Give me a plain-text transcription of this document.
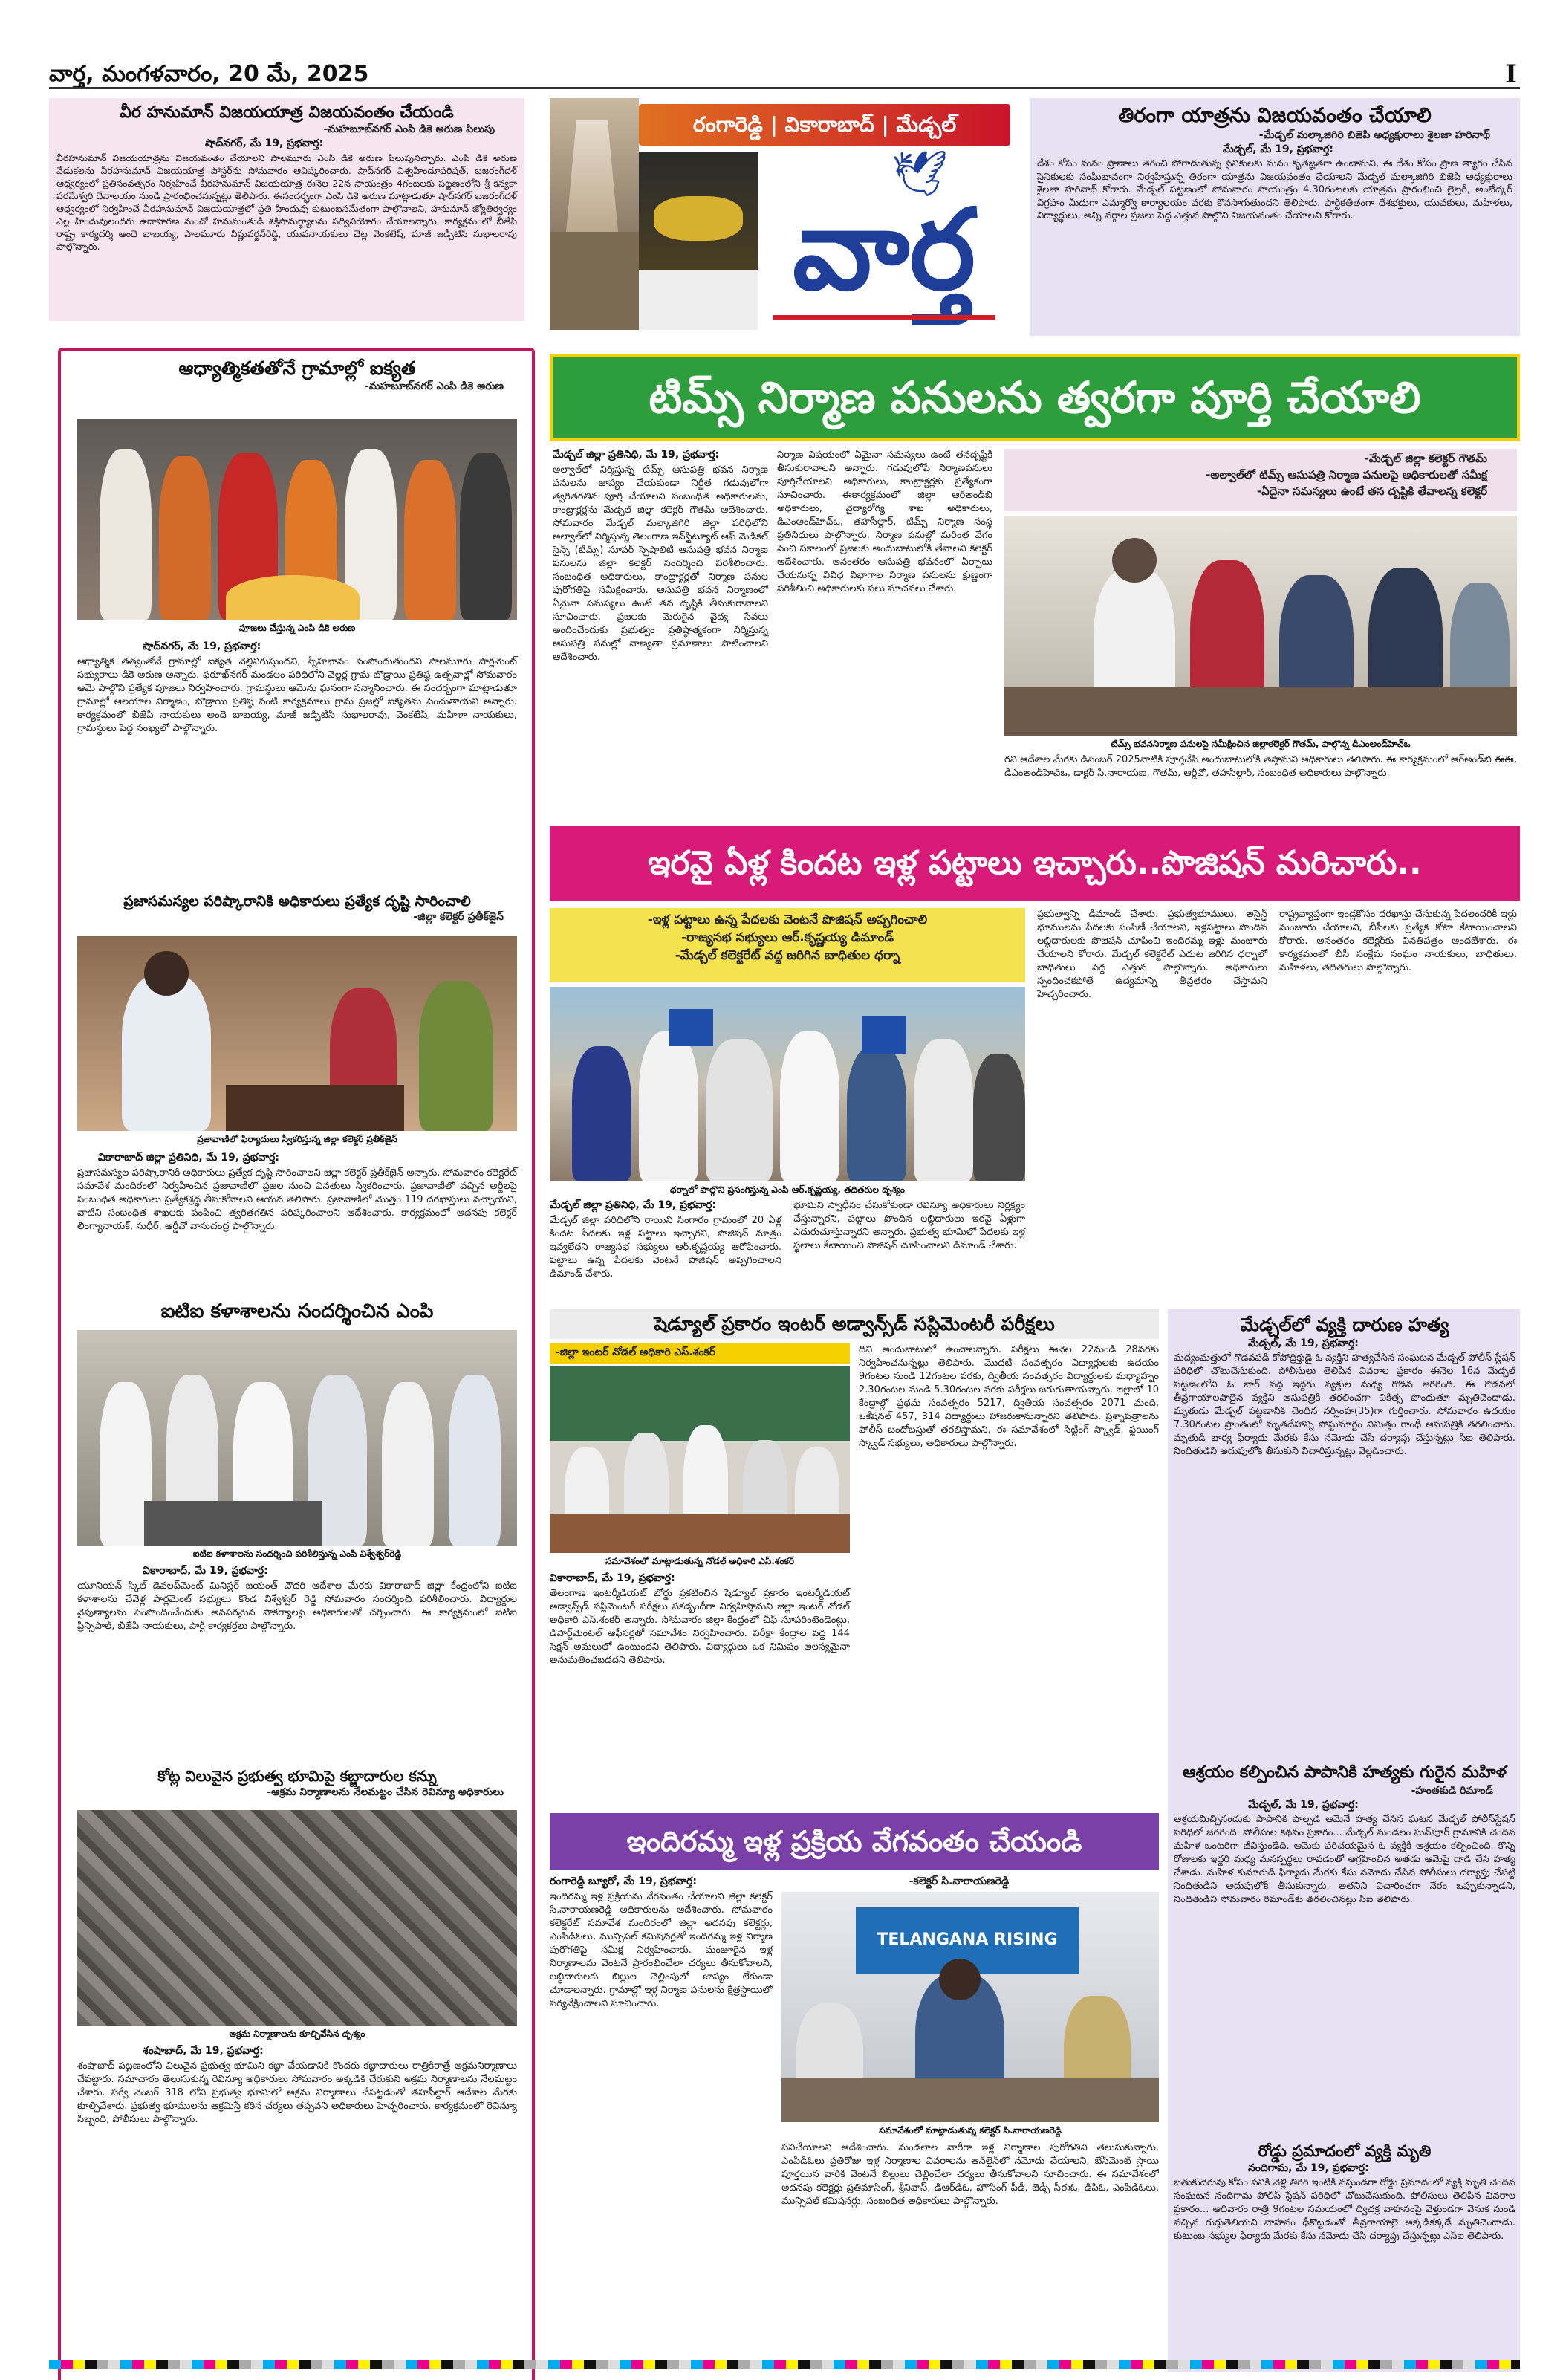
వార్త, మంగళవారం, 20 మే, 2025	I
వీర హనుమాన్ విజయయాత్ర విజయవంతం చేయండి
-మహబూబ్‌నగర్ ఎంపి డికె అరుణ పిలుపు
షాద్‌నగర్, మే 19, ప్రభవార్త:
వీరహనుమాన్ విజయయాత్రను విజయవంతం చేయాలని పాలమూరు ఎంపి డికె అరుణ పిలుపునిచ్చారు. ఎంపి డికె అరుణ వేడుకలను వీరహనుమాన్ విజయయాత్ర పోస్టర్‌ను సోమవారం ఆవిష్కరించారు. షాద్‌నగర్ విశ్వహిందూపరిషత్, బజరంగ్‌దళ్ ఆధ్వర్యంలో ప్రతిసంవత్సరం నిర్వహించే వీరహనుమాన్ విజయయాత్ర ఈనెల 22న సాయంత్రం 4గంటలకు పట్టణంలోని శ్రీ కన్యకా పరమేశ్వరి దేవాలయం నుండి ప్రారంభించనున్నట్లు తెలిపారు. ఈసందర్భంగా ఎంపి డికె అరుణ మాట్లాడుతూ షాద్‌నగర్ బజరంగ్‌దళ్ ఆధ్వర్యంలో నిర్వహించే వీరహనుమాన్ విజయయాత్రలో ప్రతి హిందువు కుటుంబసమేతంగా పాల్గొనాలని, హనుమాన్ జ్యోతిర్వర్యం ఎల్ల హిందువులందరు ఉదాహరణ నుంచో హనుమంతుడి శక్తిసామర్థ్యాలను సద్వినియోగం చేయాలన్నారు. కార్యక్రమంలో బీజేపి రాష్ట్ర కార్యదర్శి ఆందె బాబయ్య, పాలమూరు విష్ణువర్ధన్‌రెడ్డి, యువనాయకులు చెట్ల వెంకటేష్, మాజీ జడ్పీటిసి సుభాలరావు పాల్గొన్నారు.
రంగారెడ్డి | వికారాబాద్ | మేడ్చల్
🕊
వార్త
తిరంగా యాత్రను విజయవంతం చేయాలి
-మేడ్చల్ మల్కాజిగిరి బిజెపి అధ్యక్షురాలు శైలజా హరినాథ్
మేడ్చల్, మే 19, ప్రభవార్త:
దేశం కోసం మనం ప్రాణాలు తెగించి పోరాడుతున్న సైనికులకు మనం కృతజ్ఞతగా ఉంటామని, ఈ దేశం కోసం ప్రాణ త్యాగం చేసిన సైనికులకు సంఘీభావంగా నిర్వహిస్తున్న తిరంగా యాత్రను విజయవంతం చేయాలని మేడ్చల్ మల్కాజిగిరి బిజెపి అధ్యక్షురాలు శైలజా హరినాథ్ కోరారు. మేడ్చల్ పట్టణంలో సోమవారం సాయంత్రం 4.30గంటలకు యాత్రను ప్రారంభించి లైబ్రరీ, అంబేద్కర్ విగ్రహం మీదుగా ఎమ్మార్వో కార్యాలయం వరకు కొనసాగుతుందని తెలిపారు. పార్టీకతీతంగా దేశభక్తులు, యువకులు, మహిళలు, విద్యార్థులు, అన్ని వర్గాల ప్రజలు పెద్ద ఎత్తున పాల్గొని విజయవంతం చేయాలని కోరారు.
ఆధ్యాత్మికతతోనే గ్రామాల్లో ఐక్యత
-మహబూబ్‌నగర్ ఎంపి డికె అరుణ
పూజలు చేస్తున్న ఎంపి డికె అరుణ
షాద్‌నగర్, మే 19, ప్రభవార్త:
ఆధ్యాత్మిక తత్వంతోనే గ్రామాల్లో ఐక్యత వెల్లివిరుస్తుందని, స్నేహభావం పెంపొందుతుందని పాలమూరు పార్లమెంట్ సభ్యురాలు డికె అరుణ అన్నారు. ఫరూఖ్‌నగర్ మండలం పరిధిలోని వెల్జర్ల గ్రామ బొడ్రాయి ప్రతిష్ఠ ఉత్సవాల్లో సోమవారం ఆమె పాల్గొని ప్రత్యేక పూజలు నిర్వహించారు. గ్రామస్థులు ఆమెను ఘనంగా సన్మానించారు. ఈ సందర్భంగా మాట్లాడుతూ గ్రామాల్లో ఆలయాల నిర్మాణం, బొడ్రాయి ప్రతిష్ఠ వంటి కార్యక్రమాలు గ్రామ ప్రజల్లో ఐక్యతను పెంచుతాయని అన్నారు. కార్యక్రమంలో బీజేపి నాయకులు అందె బాబయ్య, మాజీ జడ్పీటీసీ సుభాలరావు, వెంకటేష్, మహిళా నాయకులు, గ్రామస్థులు పెద్ద సంఖ్యలో పాల్గొన్నారు.
ప్రజాసమస్యల పరిష్కారానికి అధికారులు ప్రత్యేక దృష్టి సారించాలి
-జిల్లా కలెక్టర్ ప్రతీక్‌జైన్
ప్రజావాణిలో ఫిర్యాదులు స్వీకరిస్తున్న జిల్లా కలెక్టర్ ప్రతీక్‌జైన్
వికారాబాద్ జిల్లా ప్రతినిధి, మే 19, ప్రభవార్త:
ప్రజాసమస్యల పరిష్కారానికి అధికారులు ప్రత్యేక దృష్టి సారించాలని జిల్లా కలెక్టర్ ప్రతీక్‌జైన్ అన్నారు. సోమవారం కలెక్టరేట్ సమావేశ మందిరంలో నిర్వహించిన ప్రజావాణిలో ప్రజల నుంచి వినతులు స్వీకరించారు. ప్రజావాణిలో వచ్చిన అర్జీలపై సంబంధిత అధికారులు ప్రత్యేకశ్రద్ధ తీసుకోవాలని ఆయన తెలిపారు. ప్రజావాణిలో మొత్తం 119 దరఖాస్తులు వచ్చాయని, వాటిని సంబంధిత శాఖలకు పంపించి త్వరితగతిన పరిష్కరించాలని ఆదేశించారు. కార్యక్రమంలో అదనపు కలెక్టర్ లింగ్యానాయక్, సుధీర్, ఆర్డీవో వాసుచంద్ర పాల్గొన్నారు.
ఐటిఐ కళాశాలను సందర్శించిన ఎంపి
ఐటిఐ కళాశాలను సందర్శించి పరిశీలిస్తున్న ఎంపి విశ్వేశ్వర్‌రెడ్డి
వికారాబాద్, మే 19, ప్రభవార్త:
యూనియన్ స్కిల్ డెవలప్‌మెంట్ మినిస్టర్ జయంత్ చౌదరి ఆదేశాల మేరకు వికారాబాద్ జిల్లా కేంద్రంలోని ఐటిఐ కళాశాలను చేవెళ్ల పార్లమెంట్ సభ్యులు కొండ విశ్వేశ్వర్ రెడ్డి సోమవారం సందర్శించి పరిశీలించారు. విద్యార్థుల నైపుణ్యాలను పెంపొందించేందుకు అవసరమైన సౌకర్యాలపై అధికారులతో చర్చించారు. ఈ కార్యక్రమంలో ఐటిఐ ప్రిన్సిపాల్, బీజేపి నాయకులు, పార్టీ కార్యకర్తలు పాల్గొన్నారు.
కోట్ల విలువైన ప్రభుత్వ భూమిపై కబ్జాదారుల కన్ను
-ఆక్రమ నిర్మాణాలను నేలమట్టం చేసిన రెవిన్యూ అధికారులు
అక్రమ నిర్మాణాలను కూల్చివేసిన దృశ్యం
శంషాబాద్, మే 19, ప్రభవార్త:
శంషాబాద్ పట్టణంలోని విలువైన ప్రభుత్వ భూమిని కబ్జా చేయడానికి కొందరు కబ్జాదారులు రాత్రికిరాత్రే అక్రమనిర్మాణాలు చేపట్టారు. సమాచారం తెలుసుకున్న రెవిన్యూ అధికారులు సోమవారం అక్కడికి చేరుకుని అక్రమ నిర్మాణాలను నేలమట్టం చేశారు. సర్వే నెంబర్ 318 లోని ప్రభుత్వ భూమిలో అక్రమ నిర్మాణాలు చేపట్టడంతో తహసీల్దార్ ఆదేశాల మేరకు కూల్చివేశారు. ప్రభుత్వ భూములను ఆక్రమిస్తే కఠిన చర్యలు తప్పవని అధికారులు హెచ్చరించారు. కార్యక్రమంలో రెవిన్యూ సిబ్బంది, పోలీసులు పాల్గొన్నారు.
టిమ్స్ నిర్మాణ పనులను త్వరగా పూర్తి చేయాలి
మేడ్చల్ జిల్లా ప్రతినిధి, మే 19, ప్రభవార్త:
అల్వాల్‌లో నిర్మిస్తున్న టిమ్స్ ఆసుపత్రి భవన నిర్మాణ పనులను జాప్యం చేయకుండా నిర్ణీత గడువులోగా త్వరితగతిన పూర్తి చేయాలని సంబంధిత అధికారులను, కాంట్రాక్టర్లను మేడ్చల్ జిల్లా కలెక్టర్ గౌతమ్ ఆదేశించారు. సోమవారం మేడ్చల్ మల్కాజిగిరి జిల్లా పరిధిలోని అల్వాల్‌లో నిర్మిస్తున్న తెలంగాణ ఇన్‌స్టిట్యూట్ ఆఫ్ మెడికల్ సైన్స్ (టిమ్స్) సూపర్ స్పెషాలిటీ ఆసుపత్రి భవన నిర్మాణ పనులను జిల్లా కలెక్టర్ సందర్శించి పరిశీలించారు. సంబంధిత అధికారులు, కాంట్రాక్టర్లతో నిర్మాణ పనుల పురోగతిపై సమీక్షించారు. ఆసుపత్రి భవన నిర్మాణంలో ఏమైనా సమస్యలు ఉంటే తన దృష్టికి తీసుకురావాలని సూచించారు. ప్రజలకు మెరుగైన వైద్య సేవలు అందించేందుకు ప్రభుత్వం ప్రతిష్ఠాత్మకంగా నిర్మిస్తున్న ఆసుపత్రి పనుల్లో నాణ్యతా ప్రమాణాలు పాటించాలని ఆదేశించారు.
నిర్మాణ విషయంలో ఏమైనా సమస్యలు ఉంటే తనదృష్టికి తీసుకురావాలని అన్నారు. గడువులోపే నిర్మాణపనులు పూర్తిచేయాలని అధికారులు, కాంట్రాక్టర్లకు ప్రత్యేకంగా సూచించారు. ఈకార్యక్రమంలో జిల్లా ఆర్‌అండ్‌బి అధికారులు, వైద్యారోగ్య శాఖ అధికారులు, డిఎంఅండ్‌హెచ్‌ఒ, తహసీల్దార్, టిమ్స్ నిర్మాణ సంస్థ ప్రతినిధులు పాల్గొన్నారు. నిర్మాణ పనుల్లో మరింత వేగం పెంచి సకాలంలో ప్రజలకు అందుబాటులోకి తేవాలని కలెక్టర్ ఆదేశించారు. అనంతరం ఆసుపత్రి భవనంలో ఏర్పాటు చేయనున్న వివిధ విభాగాల నిర్మాణ పనులను క్షుణ్ణంగా పరిశీలించి అధికారులకు పలు సూచనలు చేశారు.
-మేడ్చల్ జిల్లా కలెక్టర్ గౌతమ్
-అల్వాల్‌లో టిమ్స్ ఆసుపత్రి నిర్మాణ పనులపై అధికారులతో సమీక్ష
-ఏదైనా సమస్యలు ఉంటే తన దృష్టికి తేవాలన్న కలెక్టర్
టిమ్స్ భవననిర్మాణ పనులపై సమీక్షించిన జిల్లాకలెక్టర్ గౌతమ్, పాల్గొన్న డిఎంఅండ్‌హెచ్‌ఒ
రని ఆదేశాల మేరకు డిసెంబర్ 2025నాటికి పూర్తిచేసి అందుబాటులోకి తెస్తామని అధికారులు తెలిపారు. ఈ కార్యక్రమంలో ఆర్‌అండ్‌బి ఈఈ, డిఎంఅండ్‌హెచ్‌ఒ, డాక్టర్ సి.నారాయణ, గౌతమ్, ఆర్డీవో, తహసీల్దార్, సంబంధిత అధికారులు పాల్గొన్నారు.
ఇరవై ఏళ్ల కిందట ఇళ్ల పట్టాలు ఇచ్చారు..పొజిషన్ మరిచారు..
-ఇళ్ల పట్టాలు ఉన్న పేదలకు వెంటనే పొజిషన్ అప్పగించాలి
-రాజ్యసభ సభ్యులు ఆర్.కృష్ణయ్య డిమాండ్
-మేడ్చల్ కలెక్టరేట్ వద్ద జరిగిన బాధితుల ధర్నా
ధర్నాలో పాల్గొని ప్రసంగిస్తున్న ఎంపి ఆర్.కృష్ణయ్య, తదితరుల దృశ్యం
మేడ్చల్ జిల్లా ప్రతినిధి, మే 19, ప్రభవార్త:
మేడ్చల్ జిల్లా పరిధిలోని రాయిని సింగారం గ్రామంలో 20 ఏళ్ల కిందట పేదలకు ఇళ్ల పట్టాలు ఇచ్చారని, పొజిషన్ మాత్రం ఇవ్వలేదని రాజ్యసభ సభ్యులు ఆర్.కృష్ణయ్య ఆరోపించారు. పట్టాలు ఉన్న పేదలకు వెంటనే పొజిషన్ అప్పగించాలని డిమాండ్ చేశారు.
భూమిని స్వాధీనం చేసుకోకుండా రెవిన్యూ అధికారులు నిర్లక్ష్యం చేస్తున్నారని, పట్టాలు పొందిన లబ్ధిదారులు ఇరవై ఏళ్లుగా ఎదురుచూస్తున్నారని అన్నారు. ప్రభుత్వ భూమిలో పేదలకు ఇళ్ల స్థలాలు కేటాయించి పొజిషన్ చూపించాలని డిమాండ్ చేశారు.
ప్రభుత్వాన్ని డిమాండ్ చేశారు. ప్రభుత్వభూములు, అసైన్డ్ భూములను పేదలకు పంపిణీ చేయాలని, ఇళ్లపట్టాలు పొందిన లబ్ధిదారులకు పొజిషన్ చూపించి ఇందిరమ్మ ఇళ్లు మంజూరు చేయాలని కోరారు. మేడ్చల్ కలెక్టరేట్ ఎదుట జరిగిన ధర్నాలో బాధితులు పెద్ద ఎత్తున పాల్గొన్నారు. అధికారులు స్పందించకపోతే ఉద్యమాన్ని తీవ్రతరం చేస్తామని హెచ్చరించారు.
రాష్ట్రవ్యాప్తంగా ఇండ్లకోసం దరఖాస్తు చేసుకున్న పేదలందరికీ ఇళ్లు మంజూరు చేయాలని, బీసీలకు ప్రత్యేక కోటా కేటాయించాలని కోరారు. అనంతరం కలెక్టర్‌కు వినతిపత్రం అందజేశారు. ఈ కార్యక్రమంలో బీసీ సంక్షేమ సంఘం నాయకులు, బాధితులు, మహిళలు, తదితరులు పాల్గొన్నారు.
షెడ్యూల్ ప్రకారం ఇంటర్ అడ్వాన్స్‌డ్ సప్లిమెంటరీ పరీక్షలు
-జిల్లా ఇంటర్ నోడల్ అధికారి ఎస్.శంకర్
సమావేశంలో మాట్లాడుతున్న నోడల్ అధికారి ఎస్.శంకర్
వికారాబాద్, మే 19, ప్రభవార్త:
తెలంగాణ ఇంటర్మీడియట్ బోర్డు ప్రకటించిన షెడ్యూల్ ప్రకారం ఇంటర్మీడియట్ అడ్వాన్స్‌డ్ సప్లిమెంటరీ పరీక్షలు పకడ్బందీగా నిర్వహిస్తామని జిల్లా ఇంటర్ నోడల్ అధికారి ఎస్.శంకర్ అన్నారు. సోమవారం జిల్లా కేంద్రంలో చీఫ్ సూపరింటెండెంట్లు, డిపార్ట్‌మెంటల్ ఆఫీసర్లతో సమావేశం నిర్వహించారు. పరీక్షా కేంద్రాల వద్ద 144 సెక్షన్ అమలులో ఉంటుందని తెలిపారు. విద్యార్థులు ఒక నిమిషం ఆలస్యమైనా అనుమతించబడదని తెలిపారు.
దిని అందుబాటులో ఉంచాలన్నారు. పరీక్షలు ఈనెల 22నుండి 28వరకు నిర్వహించనున్నట్లు తెలిపారు. మొదటి సంవత్సరం విద్యార్థులకు ఉదయం 9గంటల నుండి 12గంటల వరకు, ద్వితీయ సంవత్సరం విద్యార్థులకు మధ్యాహ్నం 2.30గంటల నుండి 5.30గంటల వరకు పరీక్షలు జరుగుతాయన్నారు. జిల్లాలో 10 కేంద్రాల్లో ప్రథమ సంవత్సరం 5217, ద్వితీయ సంవత్సరం 2071 మంది, ఒకేషనల్ 457, 314 విద్యార్థులు హాజరుకానున్నారని తెలిపారు. ప్రశ్నాపత్రాలను పోలీస్ బందోబస్తుతో తరలిస్తామని, ఈ సమావేశంలో సిట్టింగ్ స్క్వాడ్, ఫ్లయింగ్ స్క్వాడ్ సభ్యులు, అధికారులు పాల్గొన్నారు.
మేడ్చల్‌లో వ్యక్తి దారుణ హత్య
మేడ్చల్, మే 19, ప్రభవార్త:
మద్యంమత్తులో గొడవపడి కోపోద్రిక్తుడై ఓ వ్యక్తిని హత్యచేసిన సంఘటన మేడ్చల్ పోలీస్ స్టేషన్ పరిధిలో చోటుచేసుకుంది. పోలీసులు తెలిపిన వివరాల ప్రకారం ఈనెల 16న మేడ్చల్ పట్టణంలోని ఓ బార్ వద్ద ఇద్దరు వ్యక్తుల మధ్య గొడవ జరిగింది. ఈ గొడవలో తీవ్రగాయాలపాలైన వ్యక్తిని ఆసుపత్రికి తరలించగా చికిత్స పొందుతూ మృతిచెందాడు. మృతుడు మేడ్చల్ పట్టణానికి చెందిన నర్సింహ(35)గా గుర్తించారు. సోమవారం ఉదయం 7.30గంటల ప్రాంతంలో మృతదేహాన్ని పోస్టుమార్టం నిమిత్తం గాంధీ ఆసుపత్రికి తరలించారు. మృతుడి భార్య ఫిర్యాదు మేరకు కేసు నమోదు చేసి దర్యాప్తు చేస్తున్నట్లు సిఐ తెలిపారు. నిందితుడిని అదుపులోకి తీసుకుని విచారిస్తున్నట్లు వెల్లడించారు.
ఆశ్రయం కల్పించిన పాపానికి హత్యకు గురైన మహిళ
-హంతకుడి రిమాండ్
మేడ్చల్, మే 19, ప్రభవార్త:
ఆశ్రయమిచ్చినందుకు పాపానికి పాల్పడి ఆమెనే హత్య చేసిన ఘటన మేడ్చల్ పోలీస్‌స్టేషన్ పరిధిలో జరిగింది. పోలీసుల కథనం ప్రకారం... మేడ్చల్ మండలం ఘన్‌పూర్ గ్రామానికి చెందిన మహిళ ఒంటరిగా జీవిస్తుండేది. ఆమెకు పరిచయమైన ఓ వ్యక్తికి ఆశ్రయం కల్పించింది. కొన్ని రోజులకు ఇద్దరి మధ్య మనస్పర్థలు రావడంతో ఆగ్రహించిన అతడు ఆమెపై దాడి చేసి హత్య చేశాడు. మహిళ కుమారుడి ఫిర్యాదు మేరకు కేసు నమోదు చేసిన పోలీసులు దర్యాప్తు చేపట్టి నిందితుడిని అదుపులోకి తీసుకున్నారు. అతనిని విచారించగా నేరం ఒప్పుకున్నాడని, నిందితుడిని సోమవారం రిమాండ్‌కు తరలించినట్లు సిఐ తెలిపారు.
రోడ్డు ప్రమాదంలో వ్యక్తి మృతి
నందిగామ, మే 19, ప్రభవార్త:
బతుకుదెరువు కోసం పనికి వెళ్లి తిరిగి ఇంటికి వస్తుండగా రోడ్డు ప్రమాదంలో వ్యక్తి మృతి చెందిన సంఘటన నందిగామ పోలీస్ స్టేషన్ పరిధిలో చోటుచేసుకుంది. పోలీసులు తెలిపిన వివరాల ప్రకారం... ఆదివారం రాత్రి 9గంటల సమయంలో ద్విచక్ర వాహనంపై వెళ్తుండగా వెనుక నుండి వచ్చిన గుర్తుతెలియని వాహనం ఢీకొట్టడంతో తీవ్రగాయాలై అక్కడికక్కడే మృతిచెందాడు. కుటుంబ సభ్యుల ఫిర్యాదు మేరకు కేసు నమోదు చేసి దర్యాప్తు చేస్తున్నట్లు ఎస్‌ఐ తెలిపారు.
ఇందిరమ్మ ఇళ్ల ప్రక్రియ వేగవంతం చేయండి
రంగారెడ్డి బ్యూరో, మే 19, ప్రభవార్త:
ఇందిరమ్మ ఇళ్ల ప్రక్రియను వేగవంతం చేయాలని జిల్లా కలెక్టర్ సి.నారాయణరెడ్డి అధికారులను ఆదేశించారు. సోమవారం కలెక్టరేట్ సమావేశ మందిరంలో జిల్లా అదనపు కలెక్టర్లు, ఎంపిడిఓలు, మున్సిపల్ కమిషనర్లతో ఇందిరమ్మ ఇళ్ల నిర్మాణ పురోగతిపై సమీక్ష నిర్వహించారు. మంజూరైన ఇళ్ల నిర్మాణాలను వెంటనే ప్రారంభించేలా చర్యలు తీసుకోవాలని, లబ్ధిదారులకు బిల్లుల చెల్లింపులో జాప్యం లేకుండా చూడాలన్నారు. గ్రామాల్లో ఇళ్ల నిర్మాణ పనులను క్షేత్రస్థాయిలో పర్యవేక్షించాలని సూచించారు.
-కలెక్టర్ సి.నారాయణరెడ్డి
TELANGANA RISING
సమావేశంలో మాట్లాడుతున్న కలెక్టర్ సి.నారాయణరెడ్డి
పనిచేయాలని ఆదేశించారు. మండలాల వారీగా ఇళ్ల నిర్మాణాల పురోగతిని తెలుసుకున్నారు. ఎంపిడిఓలు ప్రతిరోజు ఇళ్ల నిర్మాణాల వివరాలను ఆన్‌లైన్‌లో నమోదు చేయాలని, బేస్‌మెంట్ స్థాయి పూర్తయిన వారికి వెంటనే బిల్లులు చెల్లించేలా చర్యలు తీసుకోవాలని సూచించారు. ఈ సమావేశంలో అదనపు కలెక్టర్లు ప్రతిమాసింగ్, శ్రీనివాస్, డిఆర్‌డిఓ, హౌసింగ్ పీడీ, జెడ్పీ సీఈఓ, డిపిఓ, ఎంపిడిఓలు, మున్సిపల్ కమిషనర్లు, సంబంధిత అధికారులు పాల్గొన్నారు.
